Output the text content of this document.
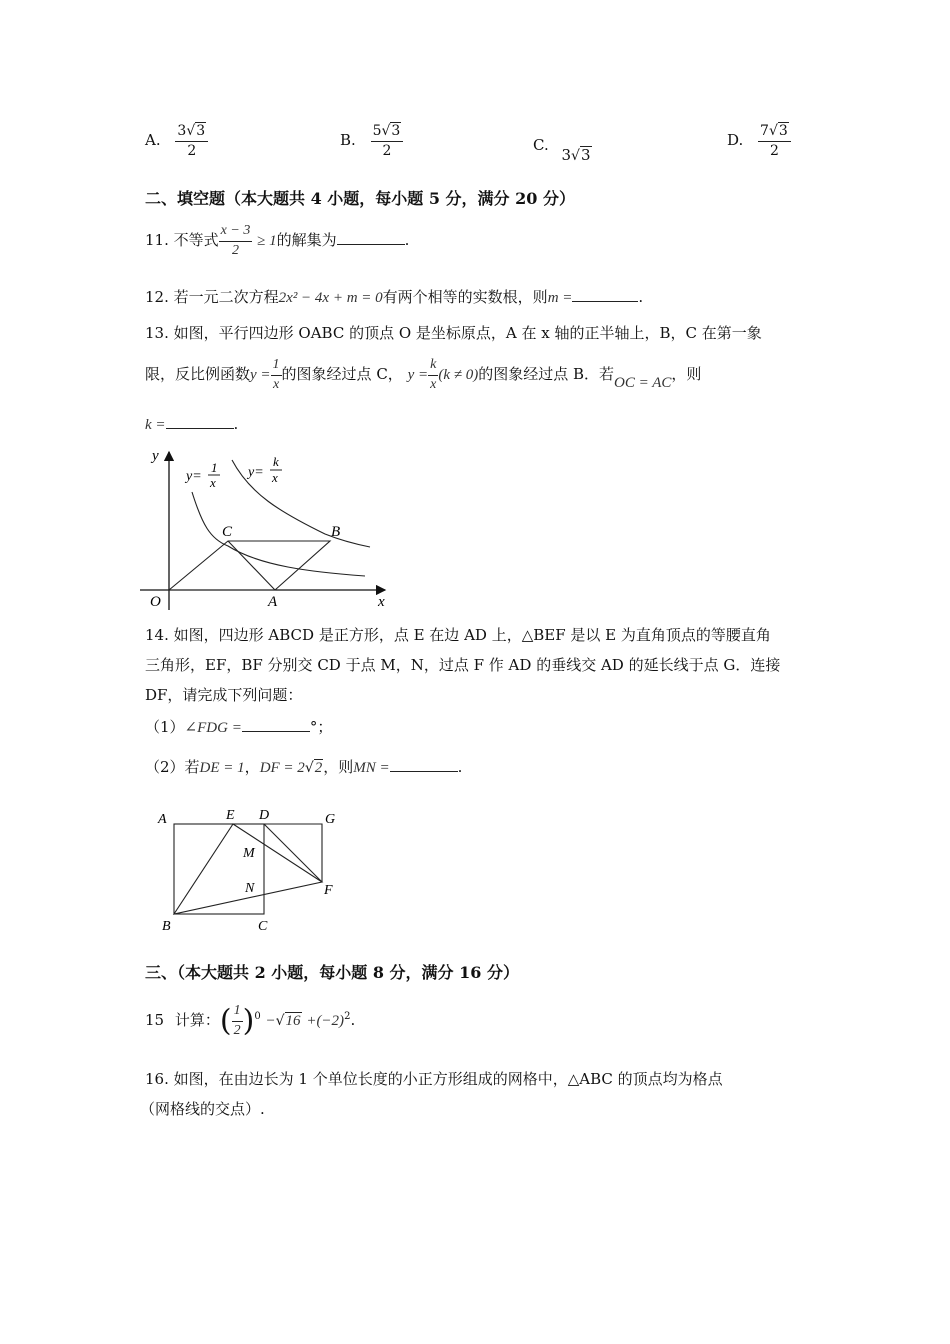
A. $\frac{3√3}{2}$	B. $\frac{5√3}{2}$	C. 3√3
D. $\frac{7√3}{2}$
二、填空题（本大题共 4 小题，每小题 5 分，满分 20 分）
11. 不等式 $\frac{x - 3}{2} \ge 1$的解集为	.
12. 若一元二次方程2x² − 4x + m = 0有两个相等的实数根，则m =	.
13. 如图，平行四边形 OABC 的顶点 O 是坐标原点，A 在 x 轴的正半轴上，B，C 在第一象
限，反比例函数$y = \frac{1}{x}$ 的图象经过点 C， $y = \frac{k}{x} (k \ne 0)$的图象经过点 B．若OC = AC，则
k =	.
y
x
O
y=
1
x
y=
k
x
A
B
C
14. 如图，四边形 ABCD 是正方形，点 E 在边 AD 上，△BEF 是以 E 为直角顶点的等腰直角
三角形，EF，BF 分别交 CD 于点 M，N，过点 F 作 AD 的垂线交 AD 的延长线于点 G．连接
DF，请完成下列问题：
（1）∠FDG =	°；
（2）若DE = 1，DF = 2√2，则MN =	.
A	E D	G
M
N	F
B	C
三、（本大题共 2 小题，每小题 8 分，满分 16 分）
15 计算：( $\frac{1}{2} )^0 -√16 +(-2)^2$.
16. 如图，在由边长为 1 个单位长度的小正方形组成的网格中，△ABC 的顶点均为格点
（网格线的交点）.
